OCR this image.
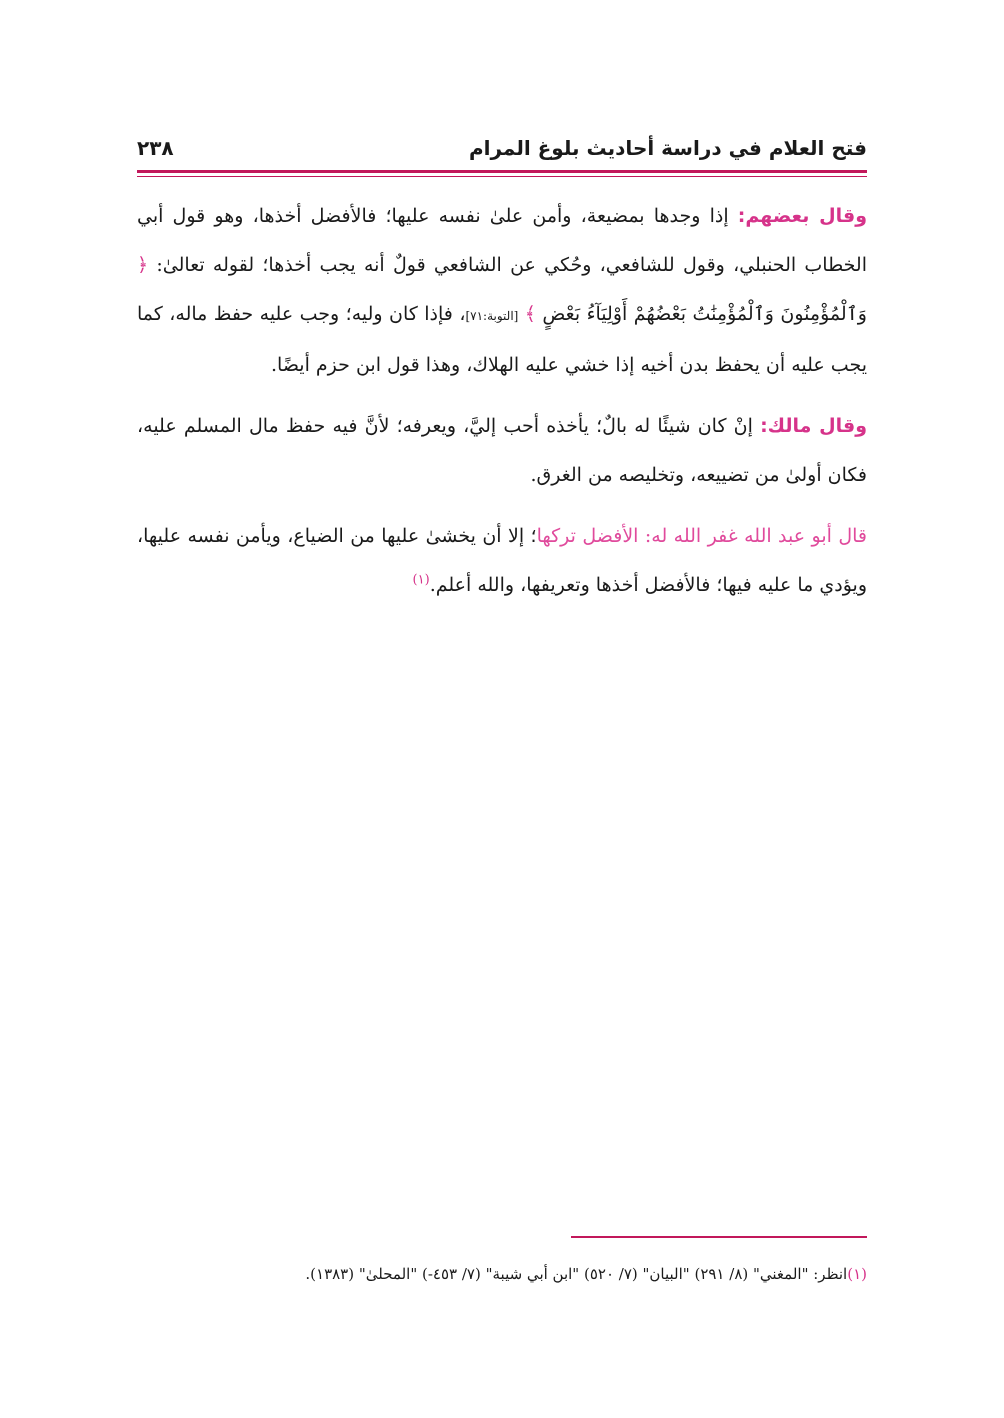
فتح العلام في دراسة أحاديث بلوغ المرام
٢٣٨

وقال بعضهم: إذا وجدها بمضيعة، وأمن علىٰ نفسه عليها؛ فالأفضل أخذها، وهو قول أبي الخطاب الحنبلي، وقول للشافعي، وحُكي عن الشافعي قولٌ أنه يجب أخذها؛ لقوله تعالىٰ: ﴿ وَٱلْمُؤْمِنُونَ وَٱلْمُؤْمِنَٰتُ بَعْضُهُمْ أَوْلِيَآءُ بَعْضٍ ﴾ [التوبة:٧١]، فإذا كان وليه؛ وجب عليه حفظ ماله، كما يجب عليه أن يحفظ بدن أخيه إذا خشي عليه الهلاك، وهذا قول ابن حزم أيضًا.

وقال مالك: إنْ كان شيئًا له بالٌ؛ يأخذه أحب إليَّ، ويعرفه؛ لأنَّ فيه حفظ مال المسلم عليه، فكان أولىٰ من تضييعه، وتخليصه من الغرق.

قال أبو عبد الله غفر الله له: الأفضل تركها؛ إلا أن يخشىٰ عليها من الضياع، ويأمن نفسه عليها، ويؤدي ما عليه فيها؛ فالأفضل أخذها وتعريفها، والله أعلم.$^{(١)}$

(١)انظر: "المغني" (٨/ ٢٩١) "البيان" (٧/ ٥٢٠) "ابن أبي شيبة" (٧/ ٤٥٣-) "المحلىٰ" (١٣٨٣).
